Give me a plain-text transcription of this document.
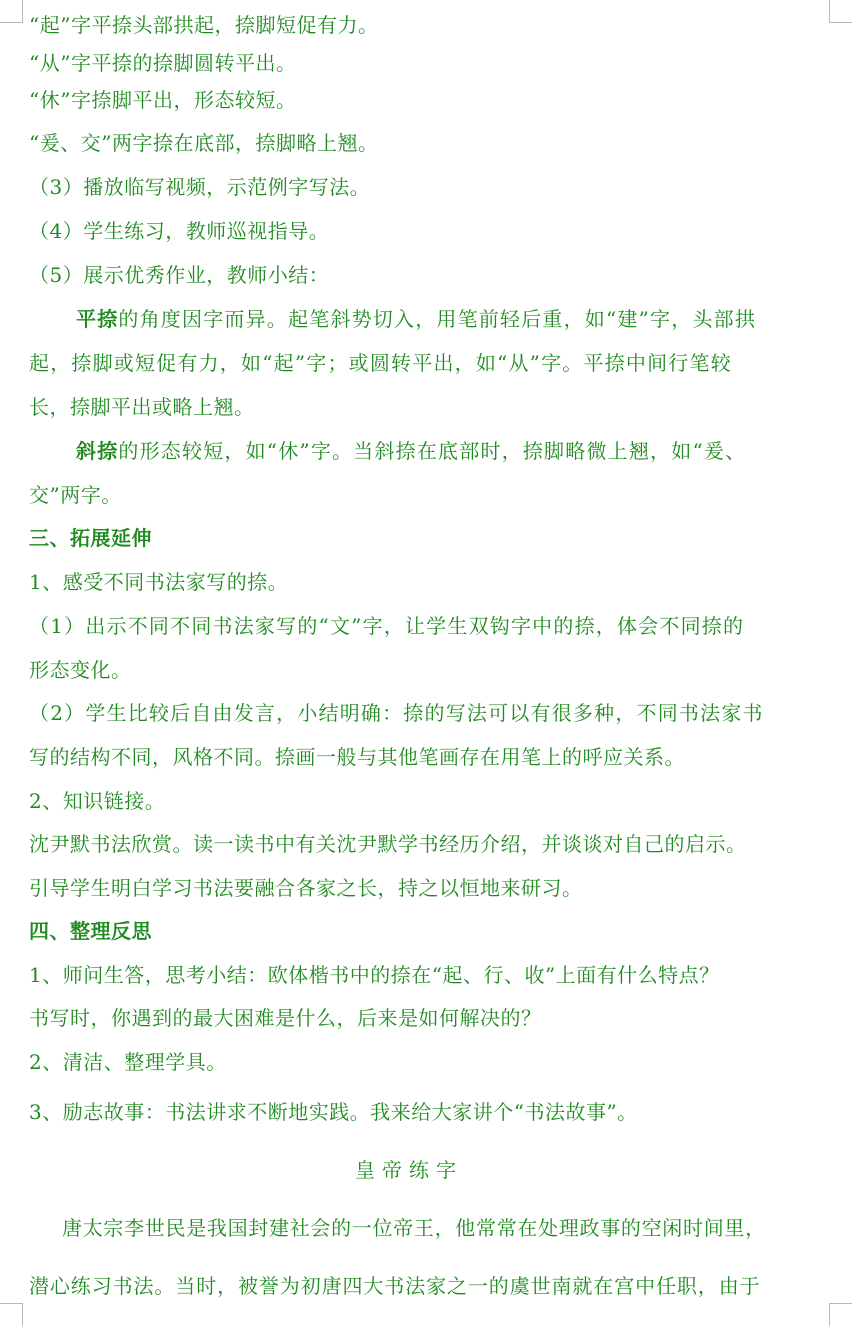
“起”字平捺头部拱起，捺脚短促有力。
“从”字平捺的捺脚圆转平出。
“休”字捺脚平出，形态较短。
“爰、交”两字捺在底部，捺脚略上翘。
（3）播放临写视频，示范例字写法。
（4）学生练习，教师巡视指导。
（5）展示优秀作业，教师小结：
平捺的角度因字而异。起笔斜势切入，用笔前轻后重，如“建”字，头部拱
起，捺脚或短促有力，如“起”字；或圆转平出，如“从”字。平捺中间行笔较
长，捺脚平出或略上翘。
斜捺的形态较短，如“休”字。当斜捺在底部时，捺脚略微上翘，如“爰、
交”两字。
三、拓展延伸
1、感受不同书法家写的捺。
（1）出示不同不同书法家写的“文”字，让学生双钩字中的捺，体会不同捺的
形态变化。
（2）学生比较后自由发言，小结明确：捺的写法可以有很多种，不同书法家书
写的结构不同，风格不同。捺画一般与其他笔画存在用笔上的呼应关系。
2、知识链接。
沈尹默书法欣赏。读一读书中有关沈尹默学书经历介绍，并谈谈对自己的启示。
引导学生明白学习书法要融合各家之长，持之以恒地来研习。
四、整理反思
1、师问生答，思考小结：欧体楷书中的捺在“起、行、收”上面有什么特点？
书写时，你遇到的最大困难是什么，后来是如何解决的？
2、清洁、整理学具。
3、励志故事：书法讲求不断地实践。我来给大家讲个“书法故事”。
皇帝练字
唐太宗李世民是我国封建社会的一位帝王，他常常在处理政事的空闲时间里，
潜心练习书法。当时，被誉为初唐四大书法家之一的虞世南就在宫中任职，由于
